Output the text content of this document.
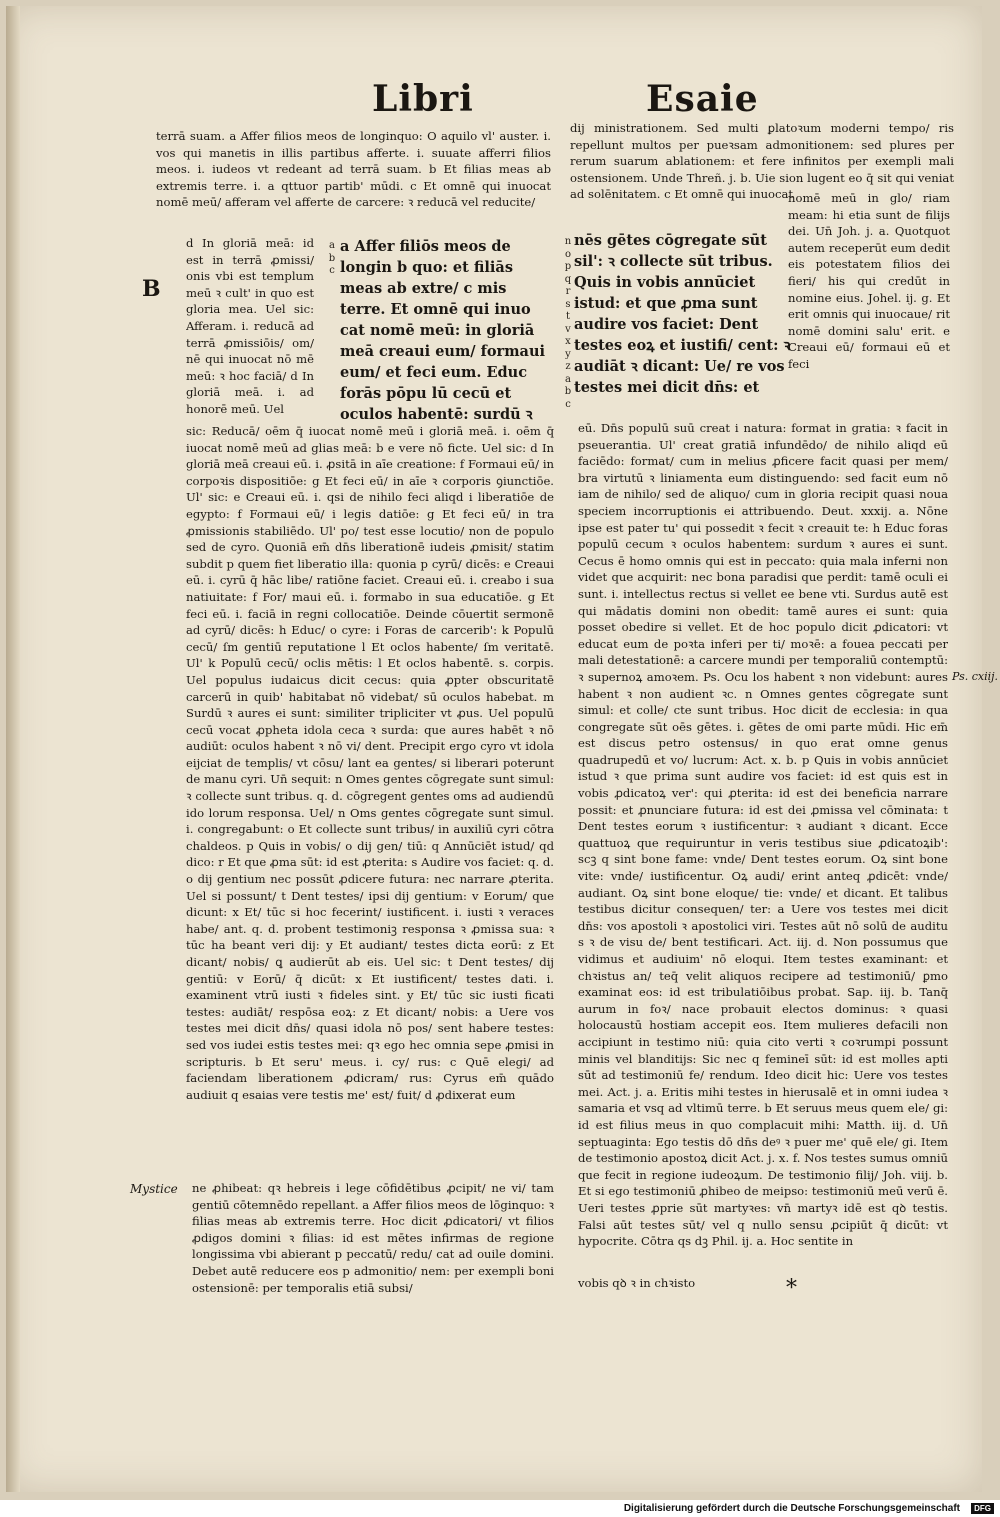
Libri	Esaie

terrā suam. a Affer filios meos de longinquo: O aquilo vl' auster. i. vos qui manetis in illis partibus afferte. i. suuate afferri filios meos. i. iudeos vt redeant ad terrā suam. b Et filias meas ab extremis terre. i. a qttuor partib' mūdi. c Et omnē qui inuocat nomē meū/ afferam vel afferte de carcere: ꝛ reducā vel reducite/

d In gloriā meā: id est in terrā ꝓmissi/ onis vbi est templum meū ꝛ cult' in quo est gloria mea. Uel sic: Afferam. i. reducā ad terrā ꝓmissiōis/ om/ nē qui inuocat nō mē meū: ꝛ hoc faciā/ d In gloriā meā. i. ad honorē meū. Uel

a b c

a Affer filiōs meos de longin b quo: et filiās meas ab extre/ c mis terre. Et omnē qui inuo cat nomē meū: in gloriā meā creaui eum/ formaui eum/ et feci eum. Educ forās pōpu lū cecū et oculos habentē: surdū ꝛ

sic: Reducā/ oēm q̄ iuocat nomē meū i gloriā meā. i. oēm q̄ iuocat nomē meū ad glias meā: b e vere nō ficte. Uel sic: d In gloriā meā creaui eū. i. ꝓsitā in aīe creatione: f Formaui eū/ in corpoꝛis dispositiōe: g Et feci eū/ in aīe ꝛ corporis ꝯiunctiōe. Ul' sic: e Creaui eū. i. qsi de nihilo feci aliqd i liberatiōe de egypto: f Formaui eū/ i legis datiōe: g Et feci eū/ in tra ꝓmissionis stabiliēdo. Ul' po/ test esse locutio/ non de populo sed de cyro. Quoniā em̄ dn̄s liberationē iudeis ꝓmisit/ statim subdit p quem fiet liberatio illa: quonia p cyrū/ dicēs: e Creaui eū. i. cyrū q̄ hāc libe/ ratiōne faciet. Creaui eū. i. creabo i sua natiuitate: f For/ maui eū. i. formabo in sua educatiōe. g Et feci eū. i. faciā in regni collocatiōe. Deinde cōuertit sermonē ad cyrū/ dicēs: h Educ/ o cyre: i Foras de carcerib': k Populū cecū/ ſm gentiū reputatione l Et oclos habente/ ſm veritatē. Ul' k Populū cecū/ oclis mētis: l Et oclos habentē. s. corpis. Uel populus iudaicus dicit cecus: quia ꝓpter obscuritatē carcerū in quib' habitabat nō videbat/ sū oculos habebat. m Surdū ꝛ aures ei sunt: similiter tripliciter vt ꝓus. Uel populū cecū vocat ꝓpheta idola ceca ꝛ surda: que aures habēt ꝛ nō audiūt: oculos habent ꝛ nō vi/ dent. Precipit ergo cyro vt idola eijciat de templis/ vt cōsu/ lant ea gentes/ si liberari poterunt de manu cyri. Un̄ sequit: n Omes gentes cōgregate sunt simul: ꝛ collecte sunt tribus. q. d. cōgregent gentes oms ad audiendū ido lorum responsa. Uel/ n Oms gentes cōgregate sunt simul. i. congregabunt: o Et collecte sunt tribus/ in auxiliū cyri cōtra chaldeos. p Quis in vobis/ o dij gen/ tiū: q Annūciēt istud/ qd dico: r Et que ꝓma sūt: id est ꝓterita: s Audire vos faciet: q. d. o dij gentium nec possūt ꝓdicere futura: nec narrare ꝓterita. Uel si possunt/ t Dent testes/ ipsi dij gentium: v Eorum/ que dicunt: x Et/ tūc si hoc fecerint/ iustificent. i. iusti ꝛ veraces habe/ ant. q. d. probent testimoniꝫ responsa ꝛ ꝓmissa sua: ꝛ tūc ha beant veri dij: y Et audiant/ testes dicta eorū: z Et dicant/ nobis/ ꝗ audierūt ab eis. Uel sic: t Dent testes/ dij gentiū: v Eorū/ q̄ dicūt: x Et iustificent/ testes dati. i. examinent vtrū iusti ꝛ fideles sint. y Et/ tūc sic iusti ficati testes: audiāt/ respōsa eoꝝ: z Et dicant/ nobis: a Uere vos testes mei dicit dn̄s/ quasi idola nō pos/ sent habere testes: sed vos iudei estis testes mei: qꝛ ego hec omnia sepe ꝓmisi in scripturis. b Et seru' meus. i. cy/ rus: c Quē elegi/ ad faciendam liberationem ꝓdicram/ rus: Cyrus em̄ quādo audiuit q esaias vere testis me' est/ fuit/ d ꝓdixerat eum

ne ꝓhibeat: qꝛ hebreis i lege cōfidētibus ꝓcipit/ ne vi/ tam gentiū cōtemnēdo repellant. a Affer filios meos de lōginquo: ꝛ filias meas ab extremis terre. Hoc dicit ꝓdicatori/ vt filios ꝓdigos domini ꝛ filias: id est mētes infirmas de regione longissima vbi abierant p peccatū/ redu/ cat ad ouile domini. Debet autē reducere eos p admonitio/ nem: per exempli boni ostensionē: per temporalis etiā subsi/

dij ministrationem. Sed multi ꝑlatoꝛum moderni tempo/ ris repellunt multos per pueꝛsam admonitionem: sed plures per rerum suarum ablationem: et fere infinitos per exempli mali ostensionem. Unde Threñ. j. b. Uie sion lugent eo q̄ sit qui veniat ad solēnitatem. c Et omnē qui inuocat

n o p q r s t v x y z a b c

nēs gētes cōgregate sūt sil': ꝛ collecte sūt tribus. Quis in vobis annūciet istud: et que ꝓma sunt audire vos faciet: Dent testes eoꝝ et iustifi/ cent: ꝛ audiāt ꝛ dicant: Ue/ re vos testes mei dicit dn̄s: et

nomē meū in glo/ riam meam: hi etia sunt de filijs dei. Un̄ Joh. j. a. Quotquot autem receperūt eum dedit eis potestatem filios dei fieri/ his qui credūt in nomine eius. Johel. ij. g. Et erit omnis qui inuocaue/ rit nomē domini salu' erit. e Creaui eū/ formaui eū et feci

eū. Dn̄s populū suū creat i natura: format in gratia: ꝛ facit in pseuerantia. Ul' creat gratiā infundēdo/ de nihilo aliqd eū faciēdo: format/ cum in melius ꝓficere facit quasi per mem/ bra virtutū ꝛ liniamenta eum distinguendo: sed facit eum nō iam de nihilo/ sed de aliquo/ cum in gloria recipit quasi noua speciem incorruptionis ei attribuendo. Deut. xxxij. a. Nōne ipse est pater tu' qui possedit ꝛ fecit ꝛ creauit te: h Educ foras populū cecum ꝛ oculos habentem: surdum ꝛ aures ei sunt. Cecus ē homo omnis qui est in peccato: quia mala inferni non videt que acquirit: nec bona paradisi que perdit: tamē oculi ei sunt. i. intellectus rectus si vellet ee bene vti. Surdus autē est qui mādatis domini non obedit: tamē aures ei sunt: quia posset obedire si vellet. Et de hoc populo dicit ꝓdicatori: vt educat eum de poꝛta inferi per ti/ moꝛē: a fouea peccati per mali detestationē: a carcere mundi per temporaliū contemptū: ꝛ supernoꝝ amoꝛem. Ps. Ocu los habent ꝛ non videbunt: aures habent ꝛ non audient ꝛc. n Omnes gentes cōgregate sunt simul: et colle/ cte sunt tribus. Hoc dicit de ecclesia: in qua congregate sūt oēs gētes. i. gētes de omi parte mūdi. Hic em̄ est discus petro ostensus/ in quo erat omne genus quadrupedū et vo/ lucrum: Act. x. b. p Quis in vobis annūciet istud ꝛ que prima sunt audire vos faciet: id est quis est in vobis ꝓdicatoꝝ ver': qui ꝓterita: id est dei beneficia narrare possit: et ꝓnunciare futura: id est dei ꝓmissa vel cōminata: t Dent testes eorum ꝛ iustificentur: ꝛ audiant ꝛ dicant. Ecce quattuoꝝ que requiruntur in veris testibus siue ꝓdicatoꝝib': scꝫ q sint bone fame: vnde/ Dent testes eorum. Oꝝ sint bone vite: vnde/ iustificentur. Oꝝ audi/ erint anteq ꝓdicēt: vnde/ audiant. Oꝝ sint bone eloque/ tie: vnde/ et dicant. Et talibus testibus dicitur consequen/ ter: a Uere vos testes mei dicit dn̄s: vos apostoli ꝛ apostolici viri. Testes aūt nō solū de auditu s ꝛ de visu de/ bent testificari. Act. iij. d. Non possumus que vidimus et audiuim' nō eloqui. Item testes examinant: et chꝛistus an/ teq̄ velit aliquos recipere ad testimoniū/ ꝑmo examinat eos: id est tribulatiōibus probat. Sap. iij. b. Tanq̄ aurum in foꝛ/ nace probauit electos dominus: ꝛ quasi holocaustū hostiam accepit eos. Item mulieres defacili non accipiunt in testimo niū: quia cito verti ꝛ coꝛrumpi possunt minis vel blanditijs: Sic nec q femineī sūt: id est molles apti sūt ad testimoniū fe/ rendum. Ideo dicit hic: Uere vos testes mei. Act. j. a. Eritis mihi testes in hierusalē et in omni iudea ꝛ samaria et vsq ad vltimū terre. b Et seruus meus quem ele/ gi: id est filius meus in quo complacuit mihi: Matth. iij. d. Un̄ septuaginta: Ego testis dō dn̄s deꝰ ꝛ puer me' quē ele/ gi. Item de testimonio apostoꝝ dicit Act. j. x. f. Nos testes sumus omniū que fecit in regione iudeoꝝum. De testimonio filij/ Joh. viij. b. Et si ego testimoniū ꝓhibeo de meipso: testimoniū meū verū ē. Ueri testes ꝓprie sūt martyꝛes: vn̄ martyꝛ idē est qꝺ testis. Falsi aūt testes sūt/ vel q nullo sensu ꝓcipiūt q̄ dicūt: vt hypocrite. Cōtra qs dꝫ Phil. ij. a. Hoc sentite in

vobis qꝺ ꝛ in chꝛisto

B
Mystice
Ps. cxiij.
*
Digitalisierung gefördert durch die Deutsche Forschungsgemeinschaft	DFG
